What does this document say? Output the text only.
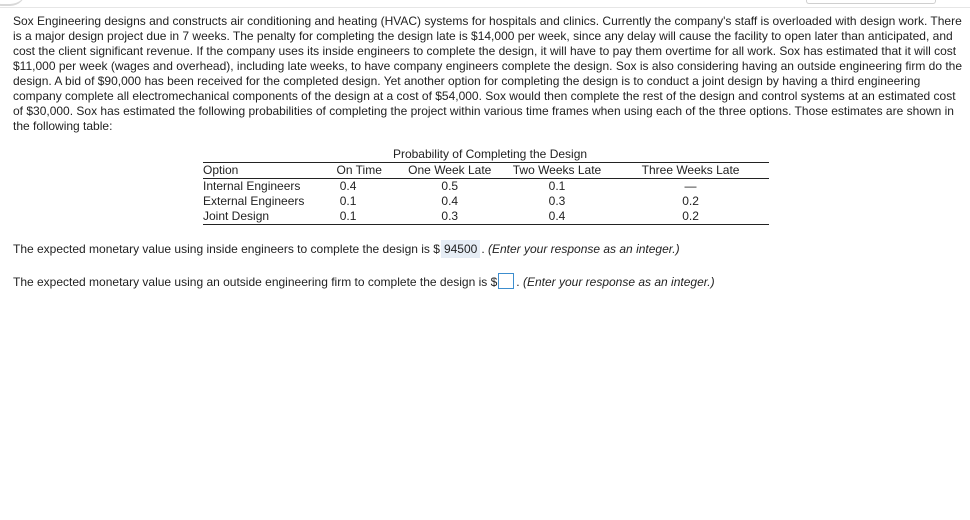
Sox Engineering designs and constructs air conditioning and heating (HVAC) systems for hospitals and clinics. Currently the company's staff is overloaded with design work. There is a major design project due in 7 weeks. The penalty for completing the design late is $14,000 per week, since any delay will cause the facility to open later than anticipated, and cost the client significant revenue. If the company uses its inside engineers to complete the design, it will have to pay them overtime for all work. Sox has estimated that it will cost $11,000 per week (wages and overhead), including late weeks, to have company engineers complete the design. Sox is also considering having an outside engineering firm do the design. A bid of $90,000 has been received for the completed design. Yet another option for completing the design is to conduct a joint design by having a third engineering company complete all electromechanical components of the design at a cost of $54,000. Sox would then complete the rest of the design and control systems at an estimated cost of $30,000. Sox has estimated the following probabilities of completing the project within various time frames when using each of the three options. Those estimates are shown in the following table:

Probability of Completing the Design
Option	On Time	One Week Late	Two Weeks Late	Three Weeks Late
Internal Engineers	0.4	0.5	0.1	—
External Engineers	0.1	0.4	0.3	0.2
Joint Design	0.1	0.3	0.4	0.2
The expected monetary value using inside engineers to complete the design is $ 94500 . (Enter your response as an integer.)
The expected monetary value using an outside engineering firm to complete the design is $ . (Enter your response as an integer.)
